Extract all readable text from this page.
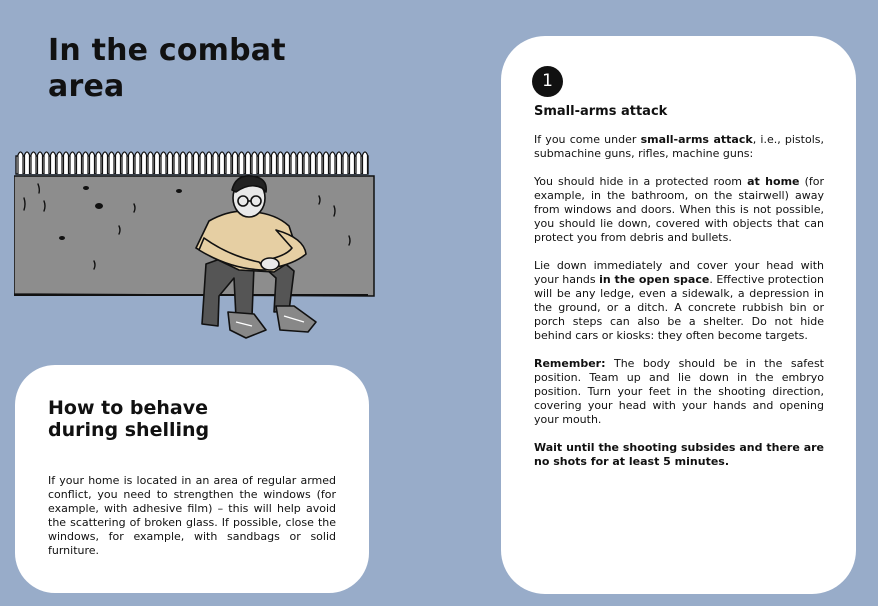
In the combat
area
How to behave
during shelling

If your home is located in an area of regular armed conflict, you need to strengthen the windows (for example, with adhesive film) – this will help avoid the scattering of broken glass. If possible, close the windows, for example, with sandbags or solid furniture.

1
Small-arms attack

If you come under small-arms attack, i.e., pistols, submachine guns, rifles, machine guns:

You should hide in a protected room at home (for example, in the bathroom, on the stairwell) away from windows and doors. When this is not possible, you should lie down, covered with objects that can protect you from debris and bullets.

Lie down immediately and cover your head with your hands in the open space. Effective protection will be any ledge, even a sidewalk, a depression in the ground, or a ditch. A concrete rubbish bin or porch steps can also be a shelter. Do not hide behind cars or kiosks: they often become targets.

Remember: The body should be in the safest position. Team up and lie down in the embryo position. Turn your feet in the shooting direction, covering your head with your hands and opening your mouth.

Wait until the shooting subsides and there are no shots for at least 5 minutes.
